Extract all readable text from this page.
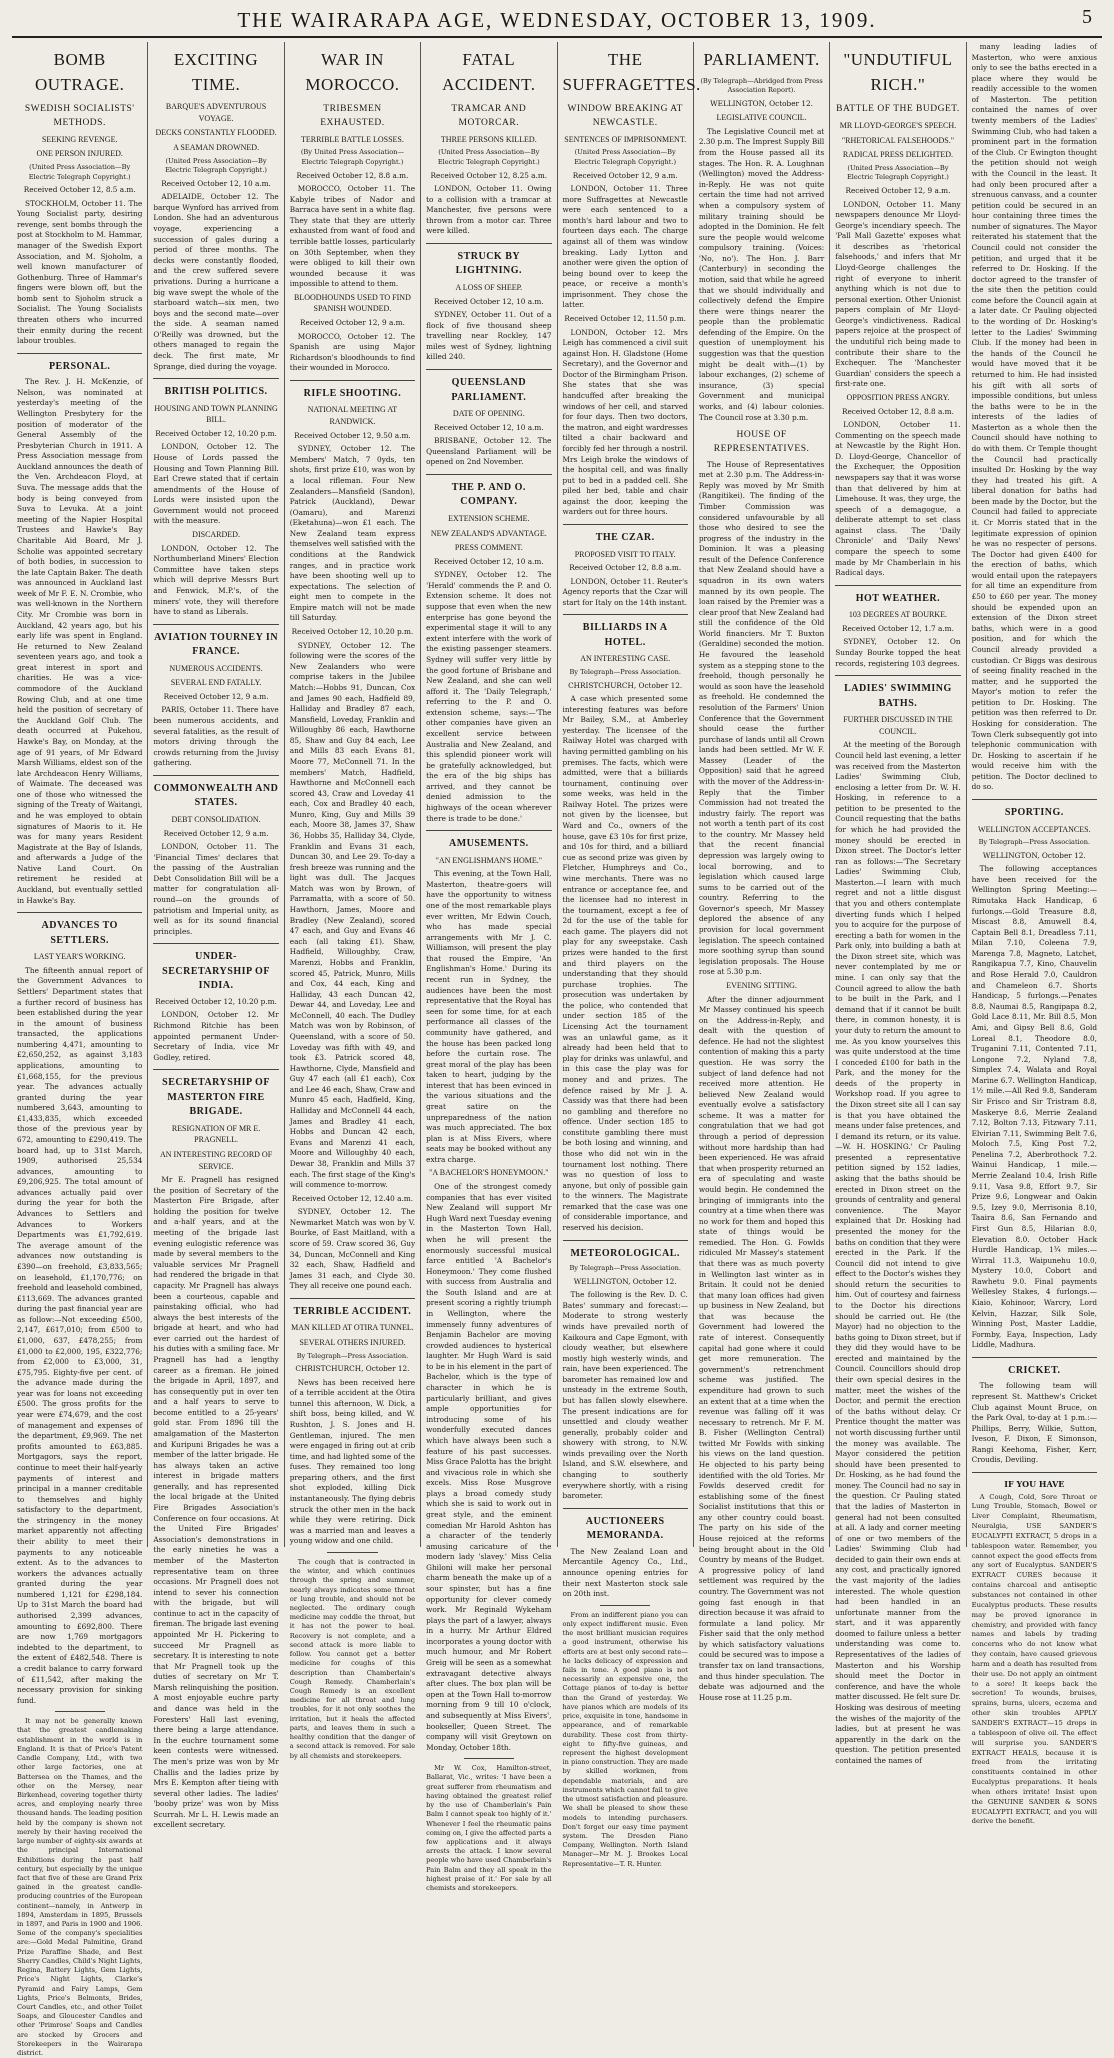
THE WAIRARAPA AGE, WEDNESDAY, OCTOBER 13, 1909.	5
BOMB OUTRAGE.
SWEDISH SOCIALISTS' METHODS.
SEEKING REVENGE.
ONE PERSON INJURED.
(United Press Association—By Electric Telegraph Copyright.)
Received October 12, 8.5 a.m.

STOCKHOLM, October 11. The Young Socialist party, desiring revenge, sent bombs through the post at Stockholm to M. Hammar, manager of the Swedish Export Association, and M. Sjoholm, a well known manufacturer of Gothenburg. Three of Hammar's fingers were blown off, but the bomb sent to Sjoholm struck a Socialist. The Young Socialists threaten others who incurred their enmity during the recent labour troubles.

PERSONAL.

The Rev. J. H. McKenzie, of Nelson, was nominated at yesterday's meeting of the Wellington Presbytery for the position of moderator of the General Assembly of the Presbyterian Church in 1911. A Press Association message from Auckland announces the death of the Ven. Archdeacon Floyd, at Suva. The message adds that the body is being conveyed from Suva to Levuka. At a joint meeting of the Napier Hospital Trustees and Hawke's Bay Charitable Aid Board, Mr J. Scholie was appointed secretary of both bodies, in succession to the late Captain Baker. The death was announced in Auckland last week of Mr F. E. N. Crombie, who was well-known in the Northern City. Mr Crombie was born in Auckland, 42 years ago, but his early life was spent in England. He returned to New Zealand seventeen years ago, and took a great interest in sport and charities. He was a vice-commodore of the Auckland Rowing Club, and at one time held the position of secretary of the Auckland Golf Club. The death occurred at Pukehou, Hawke's Bay, on Monday, at the age of 91 years, of Mr Edward Marsh Williams, eldest son of the late Archdeacon Henry Williams, of Waimate. The deceased was one of those who witnessed the signing of the Treaty of Waitangi, and he was employed to obtain signatures of Maoris to it. He was for many years Resident Magistrate at the Bay of Islands, and afterwards a Judge of the Native Land Court. On retirement he resided at Auckland, but eventually settled in Hawke's Bay.

ADVANCES TO SETTLERS.
LAST YEAR'S WORKING.

The fifteenth annual report of the Government Advances to Settlers' Department states that a further record of business has been established during the year in the amount of business transacted, the applications numbering 4,471, amounting to £2,650,252, as against 3,183 applications, amounting to £1,668,155, for the previous year. The advances actually granted during the year numbered 3,643, amounting to £1,433,835, which exceeded those of the previous year by 672, amounting to £290,419. The board had, up to 31st March, 1909, authorised 25,534 advances, amounting to £9,206,925. The total amount of advances actually paid over during the year for both the Advances to Settlers and Advances to Workers Departments was £1,792,619. The average amount of the advances now outstanding is £390—on freehold, £3,833,565; on leasehold, £1,170,776; on freehold and leasehold combined, £113,669. The advances granted during the past financial year are as follow:—Not exceeding £500, 2,147, £617,010; from £500 to £1,000, 637, £478,255; from £1,000 to £2,000, 195, £322,776; from £2,000 to £3,000, 31, £75,795. Eighty-five per cent. of the advance made during the year was for loans not exceeding £500. The gross profits for the year were £74,679, and the cost of management and expenses of the department, £9,969. The net profits amounted to £63,885. Mortgagors, says the report, continue to meet their half-yearly payments of interest and principal in a manner creditable to themselves and highly satisfactory to the department, the stringency in the money market apparently not affecting their ability to meet their payments to any noticeable extent. As to the advances to workers the advances actually granted during the year numbered 1,121 for £298,184. Up to 31st March the board had authorised 2,399 advances, amounting to £692,800. There are now 1,769 mortgagors indebted to the department, to the extent of £482,548. There is a credit balance to carry forward of £11,542, after making the necessary provision for sinking fund.

It may not be generally known that the greatest candlemaking establishment in the world is in England. It is that of Price's Patent Candle Company, Ltd., with two other large factories, one at Battersea on the Thames, and the other on the Mersey, near Birkenhead, covering together thirty acres, and employing nearly three thousand hands. The leading position held by the company is shown not merely by their having received the large number of eighty-six awards at the principal International Exhibitions during the past half century, but especially by the unique fact that five of these are Grand Prix gained in the greatest candle-producing countries of the European continent—namely, in Antwerp in 1894, Amsterdam in 1895, Brussels in 1897, and Paris in 1900 and 1906. Some of the company's specialities are:—Gold Medal Palmitine, Grand Prize Paraffine Shade, and Best Sherry Candles, Child's Night Lights, Regina, Battery Lights, Gem Lights, Price's Night Lights, Clarke's Pyramid and Fairy Lamps, Gem Lights, Price's Belmonts, Brides, Court Candles, etc., and other Toilet Soaps, and Gloucester Candles and other 'Primrose' Soaps and Candles are stocked by Grocers and Storekeepers in the Wairarapa district.

EXCITING TIME.
BARQUE'S ADVENTUROUS VOYAGE.
DECKS CONSTANTLY FLOODED.
A SEAMAN DROWNED.
(United Press Association—By Electric Telegraph Copyright.)
Received October 12, 10 a.m.

ADELAIDE, October 12. The barque Wynford has arrived from London. She had an adventurous voyage, experiencing a succession of gales during a period of three months. The decks were constantly flooded, and the crew suffered severe privations. During a hurricane a big wave swept the whole of the starboard watch—six men, two boys and the second mate—over the side. A seaman named O'Reilly was drowned, but the others managed to regain the deck. The first mate, Mr Sprange, died during the voyage.

BRITISH POLITICS.
HOUSING AND TOWN PLANNING BILL.
Received October 12, 10.20 p.m.

LONDON, October 12. The House of Lords passed the Housing and Town Planning Bill. Earl Crewe stated that if certain amendments of the House of Lords were insisted upon the Government would not proceed with the measure.

DISCARDED.

LONDON, October 12. The Northumberland Miners' Election Committee have taken steps which will deprive Messrs Burt and Fenwick, M.P.'s, of the miners' vote, they will therefore have to stand as Liberals.

AVIATION TOURNEY IN FRANCE.
NUMEROUS ACCIDENTS.
SEVERAL END FATALLY.
Received October 12, 9 a.m.

PARIS, October 11. There have been numerous accidents, and several fatalities, as the result of motors driving through the crowds returning from the Juvisy gathering.

COMMONWEALTH AND STATES.
DEBT CONSOLIDATION.
Received October 12, 9 a.m.

LONDON, October 11. The 'Financial Times' declares that the passing of the Australian Debt Consolidation Bill will be a matter for congratulation all-round—on the grounds of patriotism and Imperial unity, as well as for its sound financial principles.

UNDER-SECRETARYSHIP OF INDIA.
Received October 12, 10.20 p.m.

LONDON, October 12. Mr Richmond Ritchie has been appointed permanent Under-Secretary of India, vice Mr Godley, retired.

SECRETARYSHIP OF MASTERTON FIRE BRIGADE.
RESIGNATION OF MR E. PRAGNELL.
AN INTERESTING RECORD OF SERVICE.

Mr E. Pragnell has resigned the position of Secretary of the Masterton Fire Brigade, after holding the position for twelve and a-half years, and at the meeting of the brigade last evening eulogistic reference was made by several members to the valuable services Mr Pragnell had rendered the brigade in that capacity. Mr Pragnell has always been a courteous, capable and painstaking official, who had always the best interests of the brigade at heart, and who had ever carried out the hardest of his duties with a smiling face. Mr Pragnell has had a lengthy career as a fireman. He joined the brigade in April, 1897, and has consequently put in over ten and a half years to serve to become entitled to a 25-years' gold star. From 1896 till the amalgamation of the Masterton and Kuripuni Brigades he was a member of the latter brigade. He has always taken an active interest in brigade matters generally, and has represented the local brigade at the United Fire Brigades Association's Conference on four occasions. At the United Fire Brigades' Association's demonstrations in the early nineties he was a member of the Masterton representative team on three occasions. Mr Pragnell does not intend to sever his connection with the brigade, but will continue to act in the capacity of fireman. The brigade last evening appointed Mr H. Pickering to succeed Mr Pragnell as secretary. It is interesting to note that Mr Pragnell took up the duties of secretary on Mr T. Marsh relinquishing the position. A most enjoyable euchre party and dance was held in the Foresters' Hall last evening, there being a large attendance. In the euchre tournament some keen contests were witnessed. The men's prize was won by Mr Challis and the ladies prize by Mrs E. Kempton after tieing with several other ladies. The ladies' 'booby prize' was won by Miss Scurrah. Mr L. H. Lewis made an excellent secretary.

WAR IN MOROCCO.
TRIBESMEN EXHAUSTED.
TERRIBLE BATTLE LOSSES.
(By United Press Association—Electric Telegraph Copyright.)
Received October 12, 8.8 a.m.

MOROCCO, October 11. The Kabyle tribes of Nador and Barraca have sent in a white flag. They state that they are utterly exhausted from want of food and terrible battle losses, particularly on 30th September, when they were obliged to kill their own wounded because it was impossible to attend to them.

BLOODHOUNDS USED TO FIND SPANISH WOUNDED.
Received October 12, 9 a.m.

MOROCCO, October 12. The Spanish are using Major Richardson's bloodhounds to find their wounded in Morocco.

RIFLE SHOOTING.
NATIONAL MEETING AT RANDWICK.
Received October 12, 9.50 a.m.

SYDNEY, October 12. The Members' Match, 7 0yds, ten shots, first prize £10, was won by a local rifleman. Four New Zealanders—Mansfield (Sandon), Patrick (Auckland), Dewar (Oamaru), and Marenzi (Eketahuna)—won £1 each. The New Zealand team express themselves well satisfied with the conditions at the Randwick ranges, and in practice work have been shooting well up to expectations. The selection of eight men to compete in the Empire match will not be made till Saturday.

Received October 12, 10.20 p.m.

SYDNEY, October 12. The following were the scores of the New Zealanders who were comprise takers in the Jubilee Match:—Hobbs 91, Duncan, Cox and James 90 each, Hadfield 89, Halliday and Bradley 87 each, Mansfield, Loveday, Franklin and Willoughby 86 each, Hawthorne 85, Shaw and Guy 84 each, Lee and Mills 83 each Evans 81, Moore 77, McConnell 71. In the members' Match, Hadfield, Hawthorne and McConnell each scored 43, Craw and Loveday 41 each, Cox and Bradley 40 each, Munro, King, Guy and Mills 39 each, Moore 38, James 37, Shaw 36, Hobbs 35, Halliday 34, Clyde, Franklin and Evans 31 each, Duncan 30, and Lee 29. To-day a fresh breeze was running and the light was dull. The Jacques Match was won by Brown, of Parramatta, with a score of 50. Hawthorn, James, Moore and Bradley (New Zealand), scored 47 each, and Guy and Evans 46 each (all taking £1). Shaw, Hadfield, Willoughby, Craw, Marenzi, Hobbs and Franklin, scored 45, Patrick, Munro, Mills and Cox, 44 each, King and Halliday, 43 each Duncan 42, Dewar 44, and Loveday, Lee and McConnell, 40 each. The Dudley Match was won by Robinson, of Queensland, with a score of 50. Loveday was fifth with 49, and took £3. Patrick scored 48, Hawthorne, Clyde, Mansfield and Guy 47 each (all £1 each), Cox and Lee 46 each, Shaw, Craw and Munro 45 each, Hadfield, King, Halliday and McConnell 44 each, James and Bradley 41 each, Hobbs and Duncan 42 each, Evans and Marenzi 41 each, Moore and Willoughby 40 each, Dewar 38, Franklin and Mills 37 each. The first stage of the King's will commence to-morrow.

Received October 12, 12.40 a.m.

SYDNEY, October 12. The Newmarket Match was won by V. Bourke, of East Maitland, with a score of 59. Craw scored 36, Guy 34, Duncan, McConnell and King 32 each, Shaw, Hadfield and James 31 each, and Clyde 30. They all receive one pound each.

TERRIBLE ACCIDENT.
MAN KILLED AT OTIRA TUNNEL.
SEVERAL OTHERS INJURED.
By Telegraph—Press Association.
CHRISTCHURCH, October 12.

News has been received here of a terrible accident at the Otira tunnel this afternoon, W. Dick, a shift boss, being killed, and W. Rushton, J. S. Jones and H. Gentleman, injured. The men were engaged in firing out at crib time, and had lighted some of the fuses. They remained too long preparing others, and the first shot exploded, killing Dick instantaneously. The flying debris struck the other men in the back while they were retiring. Dick was a married man and leaves a young widow and one child.

The cough that is contracted in the winter, and which continues through the spring and summer, nearly always indicates some throat or lung trouble, and should not be neglected. The ordinary cough medicine may coddle the throat, but it has not the power to heal. Recovery is not complete, and a second attack is more liable to follow. You cannot get a better medicine for coughs of this description than Chamberlain's Cough Remedy. Chamberlain's Cough Remedy is an excellent medicine for all throat and lung troubles, for it not only soothes the irritation, but it heals the affected parts, and leaves them in such a healthy condition that the danger of a second attack is removed. For sale by all chemists and storekeepers.

FATAL ACCIDENT.
TRAMCAR AND MOTORCAR.
THREE PERSONS KILLED.
(United Press Association—By Electric Telegraph Copyright.)
Received October 12, 8.25 a.m.

LONDON, October 11. Owing to a collision with a tramcar at Manchester, five persons were thrown from a motor car. Three were killed.

STRUCK BY LIGHTNING.
A LOSS OF SHEEP.
Received October 12, 10 a.m.

SYDNEY, October 11. Out of a flock of five thousand sheep travelling near Rockley, 147 miles west of Sydney, lightning killed 240.

QUEENSLAND PARLIAMENT.
DATE OF OPENING.
Received October 12, 10 a.m.

BRISBANE, October 12. The Queensland Parliament will be opened on 2nd November.

THE P. AND O. COMPANY.
EXTENSION SCHEME.
NEW ZEALAND'S ADVANTAGE.
PRESS COMMENT.
Received October 12, 10 a.m.

SYDNEY, October 12. The 'Herald' commends the P. and O. Extension scheme. It does not suppose that even when the new enterprise has gone beyond the experimental stage it will to any extent interfere with the work of the existing passenger steamers. Sydney will suffer very little by the good fortune of Brisbane and New Zealand, and she can well afford it. The 'Daily Telegraph,' referring to the P. and O. extension scheme, says:—'The other companies have given an excellent service between Australia and New Zealand, and this splendid pioneer work will be gratefully acknowledged, but the era of the big ships has arrived, and they cannot be denied admission to the highways of the ocean wherever there is trade to be done.'

AMUSEMENTS.
"AN ENGLISHMAN'S HOME."

This evening, at the Town Hall, Masterton, theatre-goers will have the opportunity to witness one of the most remarkable plays ever written, Mr Edwin Couch, who has made special arrangements with Mr J. C. Williamson, will present the play that roused the Empire, 'An Englishman's Home.' During its recent run in Sydney, the audiences have been the most representative that the Royal has seen for some time, for at each performance all classes of the community have gathered, and the house has been packed long before the curtain rose. The great moral of the play has been taken to heart, judging by the interest that has been evinced in the various situations and the great satire on the unpreparedness of the nation was much appreciated. The box plan is at Miss Eivers, where seats may be booked without any extra charge.

"A BACHELOR'S HONEYMOON."

One of the strongest comedy companies that has ever visited New Zealand will support Mr Hugh Ward next Tuesday evening in the Masterton Town Hall, when he will present the enormously successful musical farce entitled 'A Bachelor's Honeymoon.' They come flushed with success from Australia and the South Island and are at present scoring a rightly triumph in Wellington, where the immensely funny adventures of Benjamin Bachelor are moving crowded audiences to hysterical laughter. Mr Hugh Ward is said to be in his element in the part of Bachelor, which is the type of character in which he is particularly brilliant, and gives ample opportunities for introducing some of his wonderfully executed dances which have always been such a feature of his past successes. Miss Grace Palotta has the bright and vivacious role in which she excels. Miss Rose Musgrove plays a broad comedy study which she is said to work out in great style, and the eminent comedian Mr Harold Ashton has a character of the tenderly amusing caricature of the modern lady 'slavey.' Miss Celia Ghiloni will make her personal charm beneath the make up of a sour spinster, but has a fine opportunity for clever comedy work. Mr Reginald Wykeham plays the part of a lawyer, always in a hurry. Mr Arthur Eldred incorporates a young doctor with much humour, and Mr Robert Greig will be seen as a somewhat extravagant detective always after clues. The box plan will be open at the Town Hall to-morrow morning from 9 till 10 o'clock, and subsequently at Miss Eivers', bookseller, Queen Street. The company will visit Greytown on Monday, October 18th.

Mr W. Cox, Hamilton-street, Ballarat, Vic., writes: 'I have been a great sufferer from rheumatism and having obtained the greatest relief by the use of Chamberlain's Pain Balm I cannot speak too highly of it.' Whenever I feel the rheumatic pains coming on, I give the affected parts a few applications and it always arrests the attack. I know several people who have used Chamberlain's Pain Balm and they all speak in the highest praise of it.' For sale by all chemists and storekeepers.

THE SUFFRAGETTES.
WINDOW BREAKING AT NEWCASTLE.
SENTENCES OF IMPRISONMENT.
(United Press Association—By Electric Telegraph Copyright.)
Received October 12, 9 a.m.

LONDON, October 11. Three more Suffragettes at Newcastle were each sentenced to a month's hard labour and two to fourteen days each. The charge against all of them was window breaking. Lady Lytton and another were given the option of being bound over to keep the peace, or receive a month's imprisonment. They chose the latter.

Received October 12, 11.50 p.m.

LONDON, October 12. Mrs Leigh has commenced a civil suit against Hon. H. Gladstone (Home Secretary), and the Governor and Doctor of the Birmingham Prison. She states that she was handcuffed after breaking the windows of her cell, and starved for four days. Then two doctors, the matron, and eight wardresses tilted a chair backward and forcibly fed her through a nostril. Mrs Leigh broke the windows of the hospital cell, and was finally put to bed in a padded cell. She piled her bed, table and chair against the door, keeping the warders out for three hours.

THE CZAR.
PROPOSED VISIT TO ITALY.
Received October 12, 8.8 a.m.

LONDON, October 11. Reuter's Agency reports that the Czar will start for Italy on the 14th instant.

BILLIARDS IN A HOTEL.
AN INTERESTING CASE.
By Telegraph—Press Association.
CHRISTCHURCH, October 12.

A case which presented some interesting features was before Mr Bailey, S.M., at Amberley yesterday. The licensee of the Railway Hotel was charged with having permitted gambling on his premises. The facts, which were admitted, were that a billiards tournament, continuing over some weeks, was held in the Railway Hotel. The prizes were not given by the licensee, but Ward and Co., owners of the house, gave £3 10s for first prize, and 10s for third, and a billiard cue as second prize was given by Fletcher, Humphreys and Co., wine merchants. There was no entrance or acceptance fee, and the licensee had no interest in the tournament, except a fee of 2d for the use of the table for each game. The players did not play for any sweepstake. Cash prizes were handed to the first and third players on the understanding that they should purchase trophies. The prosecution was undertaken by the police, who contended that under section 185 of the Licensing Act the tournament was an unlawful game, as it already had been held that to play for drinks was unlawful, and in this case the play was for money and and prizes. The defence raised by Mr J. A. Cassidy was that there had been no gambling and therefore no offence. Under section 185 to constitute gambling there must be both losing and winning, and those who did not win in the tournament lost nothing. There was no question of loss to anyone, but only of possible gain to the winners. The Magistrate remarked that the case was one of considerable importance, and reserved his decision.

METEOROLOGICAL.
By Telegraph—Press Association.
WELLINGTON, October 12.

The following is the Rev. D. C. Bates' summary and forecast:—Moderate to strong westerly winds have prevailed north of Kaikoura and Cape Egmont, with cloudy weather, but elsewhere mostly high westerly winds, and rain, have been experienced. The barometer has remained low and unsteady in the extreme South, but has fallen slowly elsewhere. The present indications are for unsettled and cloudy weather generally, probably colder and showery with strong, to N.W. winds prevailing over the North Island, and S.W. elsewhere, and changing to southerly everywhere shortly, with a rising barometer.

AUCTIONEERS MEMORANDA.

The New Zealand Loan and Mercantile Agency Co., Ltd., announce opening entries for their next Masterton stock sale on 20th inst.

From an indifferent piano you can only expect indifferent music. Even the most brilliant musician requires a good instrument, otherwise his efforts are at best only second rate—he lacks delicacy of expression and fails in tone. A good piano is not necessarily an expensive one, the Cottage pianos of to-day is better than the Grand of yesterday. We have pianos which are models of its price, exquisite in tone, handsome in appearance, and of remarkable durability. These cost from thirty-eight to fifty-five guineas, and represent the highest development in piano construction. They are made by skilled workmen, from dependable materials, and are instruments which cannot fail to give the utmost satisfaction and pleasure. We shall be pleased to show these models to intending purchasers. Don't forget our easy time payment system. The Dresden Piano Company, Wellington. North Island Manager—Mr M. J. Brookes Local Representative—T. R. Hunter.

PARLIAMENT.
(By Telegraph—Abridged from Press Association Report).
WELLINGTON, October 12.
LEGISLATIVE COUNCIL.

The Legislative Council met at 2.30 p.m. The Imprest Supply Bill from the House passed all its stages. The Hon. R. A. Loughnan (Wellington) moved the Address-in-Reply. He was not quite certain the time had not arrived when a compulsory system of military training should be adopted in the Dominion. He felt sure the people would welcome compulsory training. (Voices: 'No, no'). The Hon. J. Barr (Canterbury) in seconding the motion, said that while he agreed that we should individually and collectively defend the Empire there were things nearer the people than the problematic defending of the Empire. On the question of unemployment his suggestion was that the question might be dealt with—(1) by labour exchanges, (2) scheme of insurance, (3) special Government and municipal works, and (4) labour colonies. The Council rose at 3.30 p.m.

HOUSE OF REPRESENTATIVES.

The House of Representatives met at 2.30 p.m. The Address-in-Reply was moved by Mr Smith (Rangitikei). The finding of the Timber Commission was considered unfavourable by all those who desired to see the progress of the industry in the Dominion. It was a pleasing result of the Defence Conference that New Zealand should have a squadron in its own waters manned by its own people. The loan raised by the Premier was a clear proof that New Zealand had still the confidence of the Old World financiers. Mr T. Buxton (Geraldine) seconded the motion. He favoured the leasehold system as a stepping stone to the freehold, though personally he would as soon have the leasehold as freehold. He condemned the resolution of the Farmers' Union Conference that the Government should cease the further purchase of lands until all Crown lands had been settled. Mr W. F. Massey (Leader of the Opposition) said that he agreed with the mover of the Address-in-Reply that the Timber Commission had not treated the industry fairly. The report was not worth a tenth part of its cost to the country. Mr Massey held that the recent financial depression was largely owing to local borrowing, and to legislation which caused large sums to be carried out of the country. Referring to the Governor's speech, Mr Massey deplored the absence of any provision for local government legislation. The speech contained more soothing syrup than sound legislation proposals. The House rose at 5.30 p.m.

EVENING SITTING.

After the dinner adjournment Mr Massey continued his speech on the Address-in-Reply, and dealt with the question of defence. He had not the slightest contention of making this a party question. He was sorry the subject of land defence had not received more attention. He believed New Zealand would eventually evolve a satisfactory scheme. It was a matter for congratulation that we had got through a period of depression without more hardship than had been experienced. He was afraid that when prosperity returned an era of speculating and waste would begin. He condemned the bringing of immigrants into the country at a time when there was no work for them and hoped this state of things would be remedied. The Hon. G. Fowlds ridiculed Mr Massey's statement that there was as much poverty in Wellington last winter as in Britain. It could not be denied that many loan offices had given up business in New Zealand, but that was because the Government had lowered the rate of interest. Consequently capital had gone where it could get more remuneration. The government's retrenchment scheme was justified. The expenditure had grown to such an extent that at a time when the revenue was falling off it was necessary to retrench. Mr F. M. B. Fisher (Wellington Central) twitted Mr Fowlds with sinking his views on the land question. He objected to his party being identified with the old Tories. Mr Fowlds deserved credit for establishing some of the finest Socialist institutions that this or any other country could boast. The party on his side of the House rejoiced at the reforms being brought about in the Old Country by means of the Budget. A progressive policy of land settlement was required by the country. The Government was not going fast enough in that direction because it was afraid to formulate a land policy. Mr Fisher said that the only method by which satisfactory valuations could be secured was to impose a transfer tax on land transactions, and thus hinder speculation. The debate was adjourned and the House rose at 11.25 p.m.

"UNDUTIFUL RICH."
BATTLE OF THE BUDGET.
MR LLOYD-GEORGE'S SPEECH.
"RHETORICAL FALSEHOODS."
RADICAL PRESS DELIGHTED.
(United Press Association—By Electric Telegraph Copyright.)
Received October 12, 9 a.m.

LONDON, October 11. Many newspapers denounce Mr Lloyd-George's incendiary speech. The 'Pall Mall Gazette' exposes what it describes as 'rhetorical falsehoods,' and infers that Mr Lloyd-George challenges the right of everyone to inherit anything which is not due to personal exertion. Other Unionist papers complain of Mr Lloyd-George's vindictiveness. Radical papers rejoice at the prospect of the undutiful rich being made to contribute their share to the Exchequer. The 'Manchester Guardian' considers the speech a first-rate one.

OPPOSITION PRESS ANGRY.
Received October 12, 8.8 a.m.

LONDON, October 11. Commenting on the speech made at Newcastle by the Right Hon. D. Lloyd-George, Chancellor of the Exchequer, the Opposition newspapers say that it was worse than that delivered by him at Limehouse. It was, they urge, the speech of a demagogue, a deliberate attempt to set class against class. The 'Daily Chronicle' and 'Daily News' compare the speech to some made by Mr Chamberlain in his Radical days.

HOT WEATHER.
103 DEGREES AT BOURKE.
Received October 12, 1.7 a.m.

SYDNEY, October 12. On Sunday Bourke topped the heat records, registering 103 degrees.

LADIES' SWIMMING BATHS.
FURTHER DISCUSSED IN THE COUNCIL.

At the meeting of the Borough Council held last evening, a letter was received from the Masterton Ladies' Swimming Club, enclosing a letter from Dr. W. H. Hosking, in reference to a petition to be presented to the Council requesting that the baths for which he had provided the money should be erected in Dixon street. The Doctor's letter ran as follows:—'The Secretary Ladies' Swimming Club, Masterton.—I learn with much regret and not a little disgust that you and others contemplate diverting funds which I helped you to acquire for the purpose of erecting a bath for women in the Park only, into building a bath at the Dixon street site, which was never contemplated by me or mine. I can only say that the Council agreed to allow the bath to be built in the Park, and I demand that if it cannot be built there, in common honesty, it is your duty to return the amount to me. As you know yourselves this was quite understood at the time I conceded £100 for bath in the Park, and the money for the deeds of the property in Workshop road. If you agree to the Dixon street site all I can say is that you have obtained the means under false pretences, and I demand its return, or its value.—W. H. HOSKING.' Cr Pauling presented a representative petition signed by 152 ladies, asking that the baths should be erected in Dixon street on the grounds of centrality and general convenience. The Mayor explained that Dr. Hosking had presented the money for the baths on condition that they were erected in the Park. If the Council did not intend to give effect to the Doctor's wishes they should return the securities to him. Out of courtesy and fairness to the Doctor his directions should be carried out. He (the Mayor) had no objection to the baths going to Dixon street, but if they did they would have to be erected and maintained by the Council. Councillors should drop their own special desires in the matter, meet the wishes of the Doctor, and permit the erection of the baths without delay. Cr Prentice thought the matter was not worth discussing further until the money was available. The Mayor considered the petition should have been presented to Dr. Hosking, as he had found the money. The Council had no say in the question. Cr Pauling stated that the ladies of Masterton in general had not been consulted at all. A lady and corner meeting of one or two members of the Ladies' Swimming Club had decided to gain their own ends at any cost, and practically ignored the vast majority of the ladies interested. The whole question had been handled in an unfortunate manner from the start, and it was apparently doomed to failure unless a better understanding was come to. Representatives of the ladies of Masterton and his Worship should meet the Doctor in conference, and have the whole matter discussed. He felt sure Dr. Hosking was desirous of meeting the wishes of the majority of the ladies, but at present he was apparently in the dark on the question. The petition presented contained the names of

many leading ladies of Masterton, who were anxious only to see the baths erected in a place where they would be readily accessible to the women of Masterton. The petition contained the names of over twenty members of the Ladies' Swimming Club, who had taken a prominent part in the formation of the Club. Cr Ewington thought the petition should not weigh with the Council in the least. It had only been procured after a strenuous canvass, and a counter petition could be secured in an hour containing three times the number of signatures. The Mayor reiterated his statement that the Council could not consider the petition, and urged that it be referred to Dr. Hosking. If the doctor agreed to the transfer of the site then the petition could come before the Council again at a later date. Cr Pauling objected to the wording of Dr. Hosking's letter to the Ladies' Swimming Club. If the money had been in the hands of the Council he would have moved that it be returned to him. He had insisted his gift with all sorts of impossible conditions, but unless the baths were to be in the interests of the ladies of Masterton as a whole then the Council should have nothing to do with them. Cr Temple thought the Council had practically insulted Dr. Hosking by the way they had treated his gift. A liberal donation for baths had been made by the Doctor, but the Council had failed to appreciate it. Cr Morris stated that in the legitimate expression of opinion he was no respecter of persons. The Doctor had given £400 for the erection of baths, which would entail upon the ratepayers for all time an expenditure from £50 to £60 per year. The money should be expended upon an extension of the Dixon street baths, which were in a good position, and for which the Council already provided a custodian. Cr Biggs was desirous of seeing finality reached in the matter, and he supported the Mayor's motion to refer the petition to Dr. Hosking. The petition was then referred to Dr. Hosking for consideration. The Town Clerk subsequently got into telephonic communication with Dr. Hosking to ascertain if he would receive him with the petition. The Doctor declined to do so.

SPORTING.
WELLINGTON ACCEPTANCES.
By Telegraph—Press Association.
WELLINGTON, October 12.

The following acceptances have been received for the Wellington Spring Meeting:— Rimutaka Hack Handicap, 6 furlongs.—Gold Treasure 8.8, Miscast 8.8, Amuwell 8.4, Captain Bell 8.1, Dreadless 7.11, Milan 7.10, Coleena 7.9, Marenga 7.8, Magneto, Latchet, Rangikapua 7.7, Kino, Chauvelin and Rose Herald 7.0, Cauldron and Chameleon 6.7. Shorts Handicap, 5 furlongs.—Penates 8.8, Naumai 8.5, Rangipapa 8.2, Gold Lace 8.11, Mr. Bill 8.5, Mon Ami, and Gipsy Bell 8.6, Gold Loreal 8.1, Theodore 8.0, Truganini 7.11, Contented 7.11, Longone 7.2, Nyland 7.8, Simplex 7.4, Walata and Royal Marine 6.7. Wellington Handicap, 1½ mile.—All Red 9.8, Sanderam Sir Frisco and Sir Tristram 8.8, Maskerye 8.6, Merrie Zealand 7.12, Bolton 7.13, Fitzwary 7.11, Elvirian 7.11, Swimming Belt 7.6, Moloch 7.5, King Post 7.2, Penelina 7.2, Aberbrothock 7.2. Wainui Handicap, 1 mile.—Merrie Zealand 10.4, Irish Rifle 9.11, Vasa 9.8, Effort 9.7, Sir Prize 9.6, Longwear and Oakin 9.5, Izey 9.0, Merrisonia 8.10, Taaira 8.6, San Fernando and First Gun 8.5, Hilarian 8.0, Elevation 8.0. October Hack Hurdle Handicap, 1¾ miles.—Wirral 11.3, Waipunehu 10.0, Mystery 10.0, Cobort and Rawhetu 9.0. Final payments Wellesley Stakes, 4 furlongs.—Kiaio, Kohinoor, Warcry, Lord Kelvin, Hazzar, Silk Sole, Winning Post, Master Laddie, Formby, Eaya, Inspection, Lady Liddle, Madhura.

CRICKET.

The following team will represent St. Matthew's Cricket Club against Mount Bruce, on the Park Oval, to-day at 1 p.m.:—Phillips, Berry, Wilkie, Sutton, Iveson, F. Dixon, E Simonson, Rangi Keehoma, Fisher, Kerr, Croudis, Deviling.

IF YOU HAVE

A Cough, Cold, Sore Throat or Lung Trouble, Stomach, Bowel or Liver Complaint, Rheumatism, Neuralgia, USE SANDER'S EUCALYPTI EXTRACT, 5 drops in a tablespoon water. Remember, you cannot expect the good effects from any sort of Eucalyptus. SANDER'S EXTRACT CURES because it contains charcoal and antiseptic substances not contained in other Eucalyptus products. These results may be proved ignorance in chemistry, and provided with fancy names and labels by trading concerns who do not know what they contain, have caused grievous harm and a death has resulted from their use. Do not apply an ointment to a sore! It keeps back the secretion! To wounds, bruises, sprains, burns, ulcers, eczema and other skin troubles APPLY SANDER'S EXTRACT—15 drops in a tablespoon of olive oil. The effect will surprise you. SANDER'S EXTRACT HEALS, because it is freed from the irritating constituents contained in other Eucalyptus preparations. It heals when others irritate! Insist upon the GENUINE SANDER & SONS EUCALYPTI EXTRACT, and you will derive the benefit.
